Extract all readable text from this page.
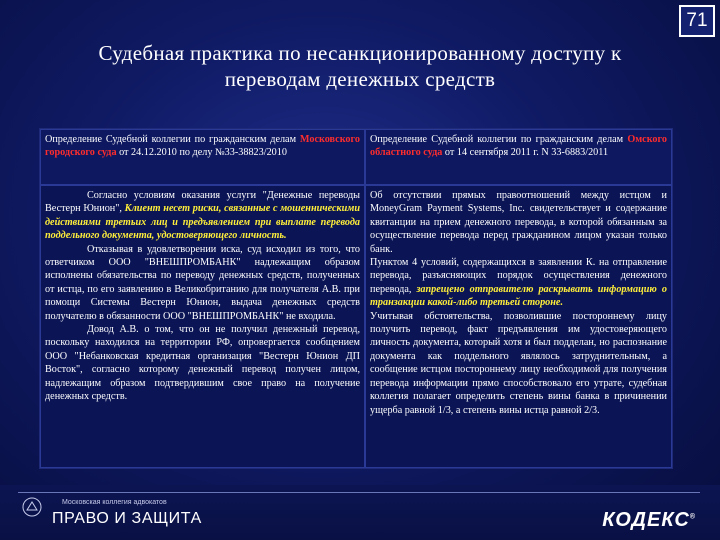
71
Судебная практика по несанкционированному доступу к
переводам денежных средств
Определение Судебной коллегии по гражданским делам Московского городского суда от 24.12.2010 по делу №33-38823/2010
Определение Судебной коллегии по гражданским делам Омского областного суда от 14 сентября 2011 г. N 33-6883/2011

Согласно условиям оказания услуги "Денежные переводы Вестерн Юнион", Клиент несет риски, связанные с мошенническими действиями третьих лиц и предъявлением при выплате перевода поддельного документа, удостоверяющего личность.

Отказывая в удовлетворении иска, суд исходил из того, что ответчиком ООО "ВНЕШПРОМБАНК" надлежащим образом исполнены обязательства по переводу денежных средств, полученных от истца, по его заявлению в Великобританию для получателя А.В. при помощи Системы Вестерн Юнион, выдача денежных средств получателю в обязанности ООО "ВНЕШПРОМБАНК" не входила.

Довод А.В. о том, что он не получил денежный перевод, поскольку находился на территории РФ, опровергается сообщением ООО "Небанковская кредитная организация "Вестерн Юнион ДП Восток", согласно которому денежный перевод получен лицом, надлежащим образом подтвердившим свое право на получение денежных средств.

Об отсутствии прямых правоотношений между истцом и MoneyGram Payment Systems, Inc. свидетельствует и содержание квитанции на прием денежного перевода, в которой обязанным за осуществление перевода перед гражданином лицом указан только банк.

Пунктом 4 условий, содержащихся в заявлении К. на отправление перевода, разъясняющих порядок осуществления денежного перевода, запрещено отправителю раскрывать информацию о транзакции какой-либо третьей стороне.

Учитывая обстоятельства, позволившие постороннему лицу получить перевод, факт предъявления им удостоверяющего личность документа, который хотя и был подделан, но распознание документа как поддельного являлось затруднительным, а сообщение истцом постороннему лицу необходимой для получения перевода информации прямо способствовало его утрате, судебная коллегия полагает определить степень вины банка в причинении ущерба равной 1/3, а степень вины истца равной 2/3.

Московская коллегия адвокатов
ПРАВО И ЗАЩИТА	КОДЕКС®
